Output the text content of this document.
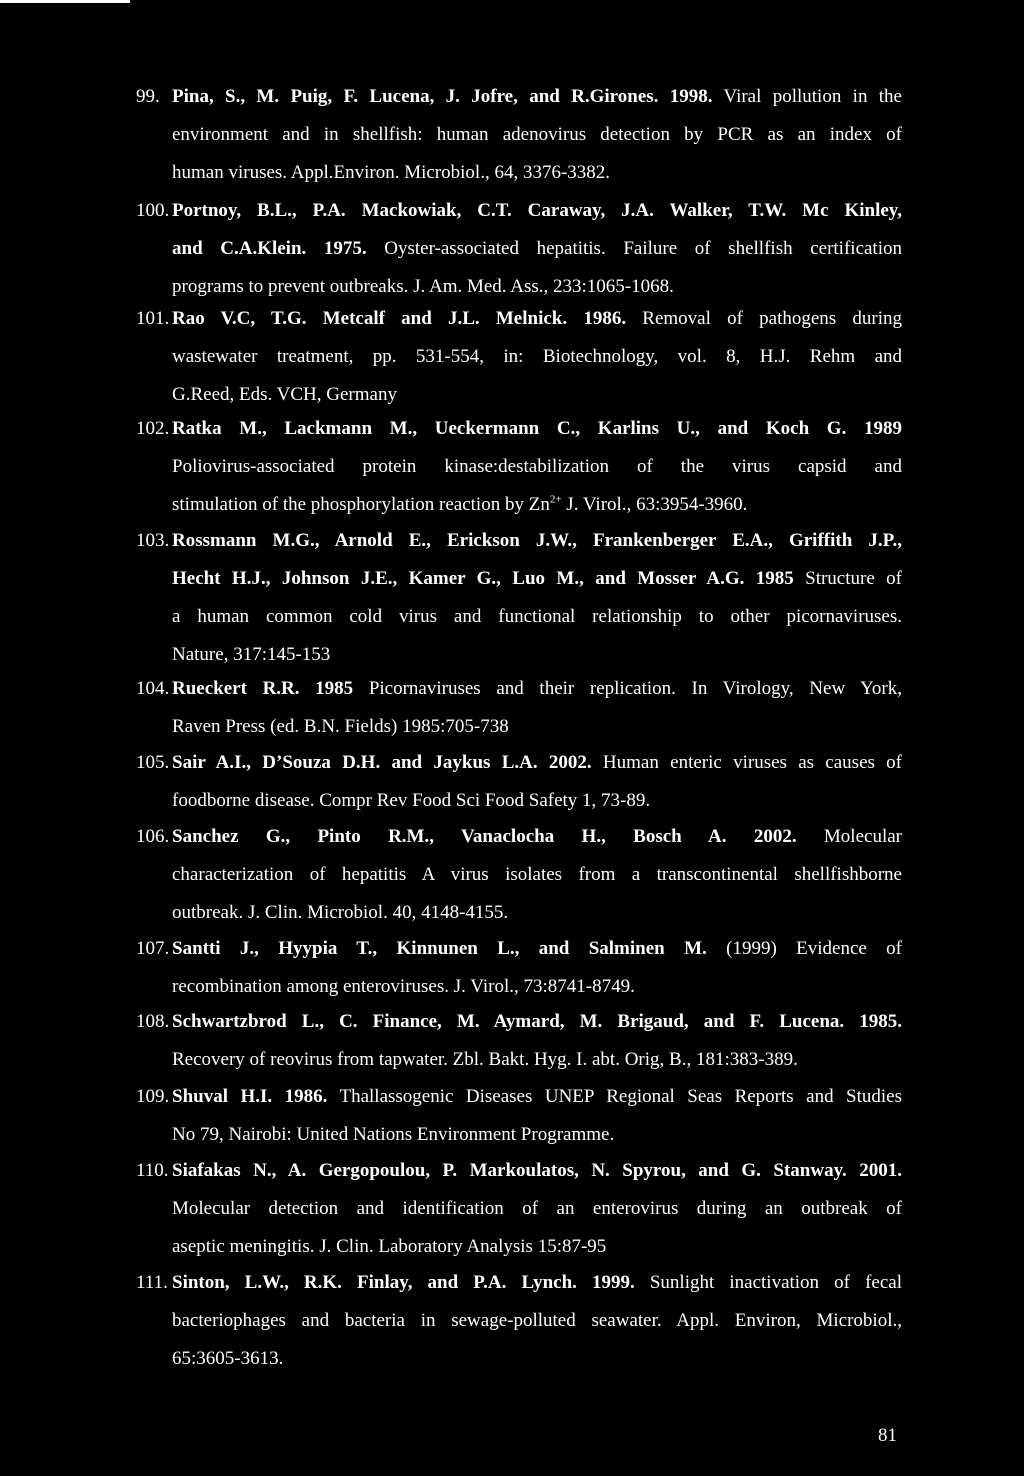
99. Pina, S., M. Puig, F. Lucena, J. Jofre, and R.Girones. 1998. Viral pollution in the
environment and in shellfish: human adenovirus detection by PCR as an index of
human viruses. Appl.Environ. Microbiol., 64, 3376-3382.
100. Portnoy, B.L., P.A. Mackowiak, C.T. Caraway, J.A. Walker, T.W. Mc Kinley,
and C.A.Klein. 1975. Oyster-associated hepatitis. Failure of shellfish certification
programs to prevent outbreaks. J. Am. Med. Ass., 233:1065-1068.
101. Rao V.C, T.G. Metcalf and J.L. Melnick. 1986. Removal of pathogens during
wastewater treatment, pp. 531-554, in: Biotechnology, vol. 8, H.J. Rehm and
G.Reed, Eds. VCH, Germany
102. Ratka M., Lackmann M., Ueckermann C., Karlins U., and Koch G. 1989
Poliovirus-associated protein kinase:destabilization of the virus capsid and
stimulation of the phosphorylation reaction by $Zn^{2+}$ J. Virol., 63:3954-3960.
103. Rossmann M.G., Arnold E., Erickson J.W., Frankenberger E.A., Griffith J.P.,
Hecht H.J., Johnson J.E., Kamer G., Luo M., and Mosser A.G. 1985 Structure of
a human common cold virus and functional relationship to other picornaviruses.
Nature, 317:145-153
104. Rueckert R.R. 1985 Picornaviruses and their replication. In Virology, New York,
Raven Press (ed. B.N. Fields) 1985:705-738
105. Sair A.I., D’Souza D.H. and Jaykus L.A. 2002. Human enteric viruses as causes of
foodborne disease. Compr Rev Food Sci Food Safety 1, 73-89.
106. Sanchez G., Pinto R.M., Vanaclocha H., Bosch A. 2002. Molecular
characterization of hepatitis A virus isolates from a transcontinental shellfishborne
outbreak. J. Clin. Microbiol. 40, 4148-4155.
107. Santti J., Hyypia T., Kinnunen L., and Salminen M. (1999) Evidence of
recombination among enteroviruses. J. Virol., 73:8741-8749.
108. Schwartzbrod L., C. Finance, M. Aymard, M. Brigaud, and F. Lucena. 1985.
Recovery of reovirus from tapwater. Zbl. Bakt. Hyg. I. abt. Orig, B., 181:383-389.
109. Shuval H.I. 1986. Thallassogenic Diseases UNEP Regional Seas Reports and Studies
No 79, Nairobi: United Nations Environment Programme.
110. Siafakas N., A. Gergopoulou, P. Markoulatos, N. Spyrou, and G. Stanway. 2001.
Molecular detection and identification of an enterovirus during an outbreak of
aseptic meningitis. J. Clin. Laboratory Analysis 15:87-95
111. Sinton, L.W., R.K. Finlay, and P.A. Lynch. 1999. Sunlight inactivation of fecal
bacteriophages and bacteria in sewage-polluted seawater. Appl. Environ, Microbiol.,
65:3605-3613.
81
